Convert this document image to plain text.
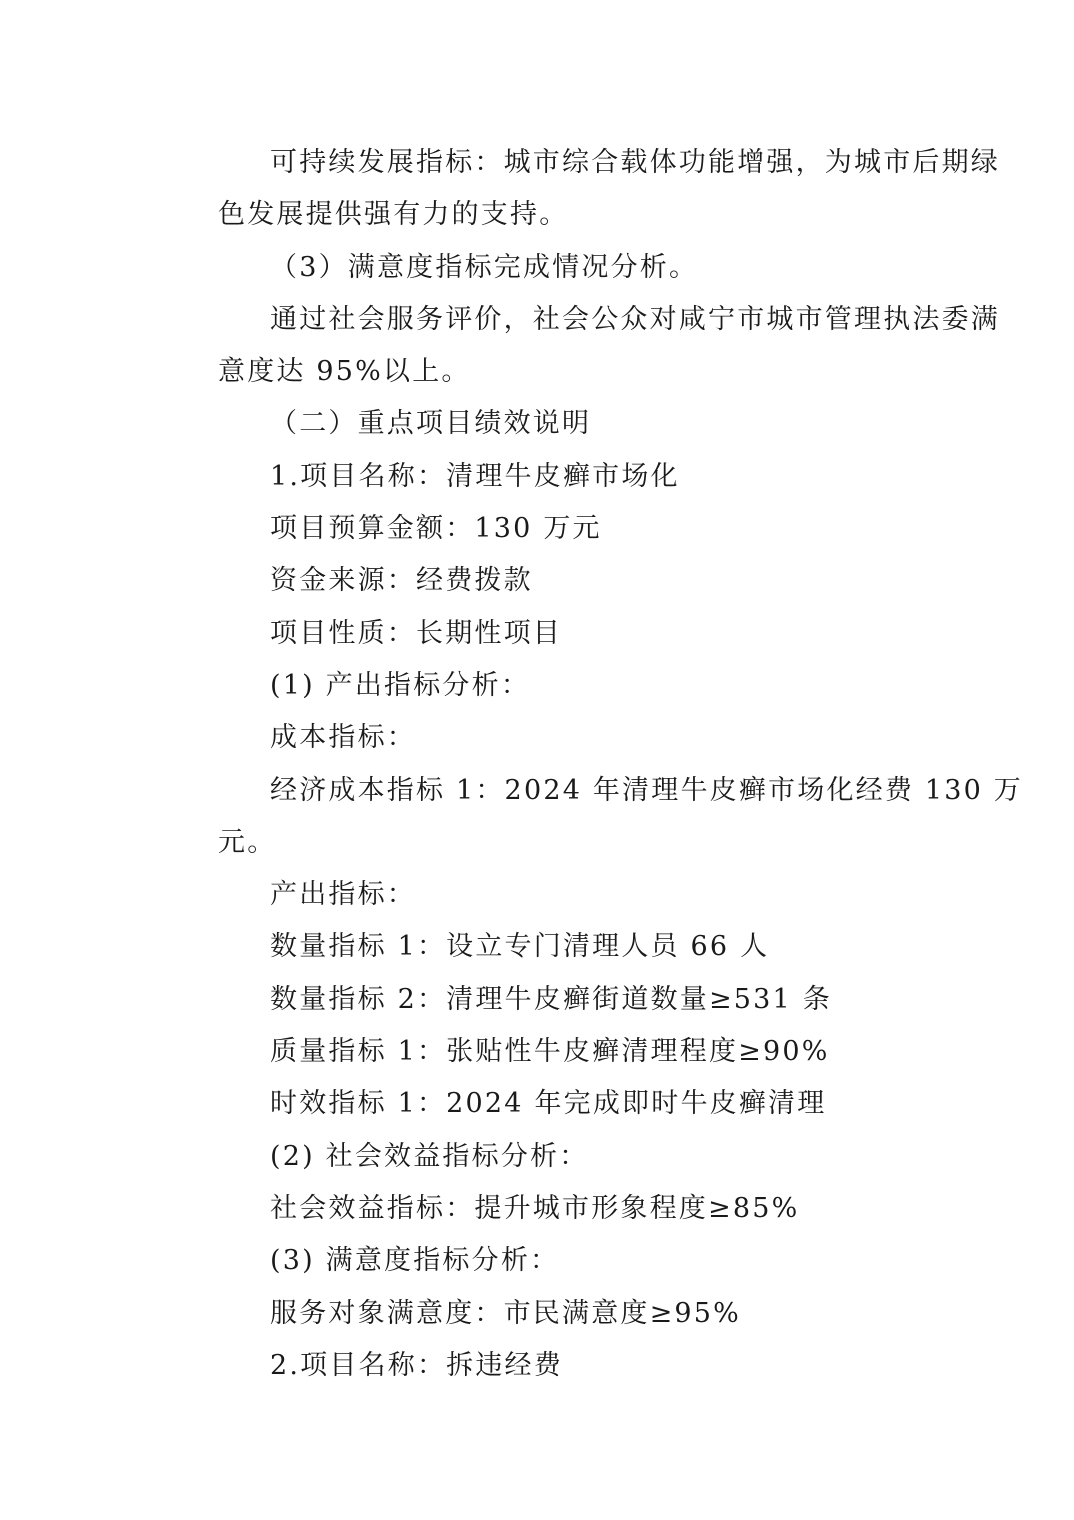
可持续发展指标：城市综合载体功能增强，为城市后期绿
色发展提供强有力的支持。

（3）满意度指标完成情况分析。

通过社会服务评价，社会公众对咸宁市城市管理执法委满
意度达 95%以上。

（二）重点项目绩效说明

1.项目名称：清理牛皮癣市场化

项目预算金额：130 万元

资金来源：经费拨款

项目性质：长期性项目

(1) 产出指标分析：

成本指标：

经济成本指标 1：2024 年清理牛皮癣市场化经费 130 万
元。

产出指标：

数量指标 1：设立专门清理人员 66 人

数量指标 2：清理牛皮癣街道数量≥531 条

质量指标 1：张贴性牛皮癣清理程度≥90%

时效指标 1：2024 年完成即时牛皮癣清理

(2) 社会效益指标分析：

社会效益指标：提升城市形象程度≥85%

(3) 满意度指标分析：

服务对象满意度：市民满意度≥95%

2.项目名称：拆违经费
